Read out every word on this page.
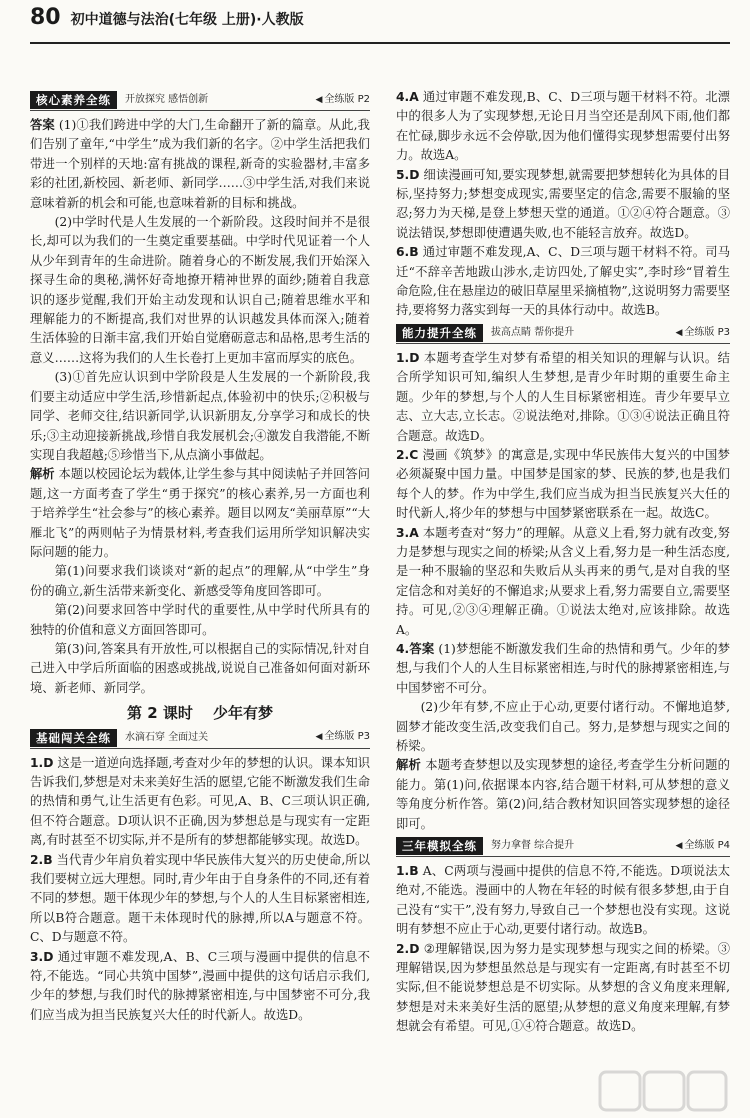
80 初中道德与法治(七年级 上册)·人教版
核心素养全练	开放探究 感悟创新	◀ 全练版 P2

答案 (1)①我们跨进中学的大门,生命翻开了新的篇章。从此,我们告别了童年,“中学生”成为我们新的名字。②中学生活把我们带进一个别样的天地:富有挑战的课程,新奇的实验器材,丰富多彩的社团,新校园、新老师、新同学……③中学生活,对我们来说意味着新的机会和可能,也意味着新的目标和挑战。

(2)中学时代是人生发展的一个新阶段。这段时间并不是很长,却可以为我们的一生奠定重要基础。中学时代见证着一个人从少年到青年的生命进阶。随着身心的不断发展,我们开始深入探寻生命的奥秘,满怀好奇地撩开精神世界的面纱;随着自我意识的逐步觉醒,我们开始主动发现和认识自己;随着思维水平和理解能力的不断提高,我们对世界的认识越发具体而深入;随着生活体验的日渐丰富,我们开始自觉磨砺意志和品格,思考生活的意义……这将为我们的人生长卷打上更加丰富而厚实的底色。

(3)①首先应认识到中学阶段是人生发展的一个新阶段,我们要主动适应中学生活,珍惜新起点,体验初中的快乐;②积极与同学、老师交往,结识新同学,认识新朋友,分享学习和成长的快乐;③主动迎接新挑战,珍惜自我发展机会;④激发自我潜能,不断实现自我超越;⑤珍惜当下,从点滴小事做起。

解析 本题以校园论坛为载体,让学生参与其中阅读帖子并回答问题,这一方面考查了学生“勇于探究”的核心素养,另一方面也利于培养学生“社会参与”的核心素养。题目以网友“美丽草原”“大雁北飞”的两则帖子为情景材料,考查我们运用所学知识解决实际问题的能力。

第(1)问要求我们谈谈对“新的起点”的理解,从“中学生”身份的确立,新生活带来新变化、新感受等角度回答即可。

第(2)问要求回答中学时代的重要性,从中学时代所具有的独特的价值和意义方面回答即可。

第(3)问,答案具有开放性,可以根据自己的实际情况,针对自己进入中学后所面临的困惑或挑战,说说自己准备如何面对新环境、新老师、新同学。

第 2 课时 少年有梦
基础闯关全练	水滴石穿 全面过关	◀ 全练版 P3

1.D 这是一道逆向选择题,考查对少年的梦想的认识。课本知识告诉我们,梦想是对未来美好生活的愿望,它能不断激发我们生命的热情和勇气,让生活更有色彩。可见,A、B、C三项认识正确,但不符合题意。D项认识不正确,因为梦想总是与现实有一定距离,有时甚至不切实际,并不是所有的梦想都能够实现。故选D。

2.B 当代青少年肩负着实现中华民族伟大复兴的历史使命,所以我们要树立远大理想。同时,青少年由于自身条件的不同,还有着不同的梦想。题干体现少年的梦想,与个人的人生目标紧密相连,所以B符合题意。题干未体现时代的脉搏,所以A与题意不符。C、D与题意不符。

3.D 通过审题不难发现,A、B、C三项与漫画中提供的信息不符,不能选。“同心共筑中国梦”,漫画中提供的这句话启示我们,少年的梦想,与我们时代的脉搏紧密相连,与中国梦密不可分,我们应当成为担当民族复兴大任的时代新人。故选D。

4.A 通过审题不难发现,B、C、D三项与题干材料不符。北漂中的很多人为了实现梦想,无论日月当空还是刮风下雨,他们都在忙碌,脚步永远不会停歇,因为他们懂得实现梦想需要付出努力。故选A。

5.D 细读漫画可知,要实现梦想,就需要把梦想转化为具体的目标,坚持努力;梦想变成现实,需要坚定的信念,需要不服输的坚忍;努力为天梯,是登上梦想天堂的通道。①②④符合题意。③说法错误,梦想即使遭遇失败,也不能轻言放弃。故选D。

6.B 通过审题不难发现,A、C、D三项与题干材料不符。司马迁“不辞辛苦地跋山涉水,走访四处,了解史实”,李时珍“冒着生命危险,住在悬崖边的破旧草屋里采摘植物”,这说明努力需要坚持,要将努力落实到每一天的具体行动中。故选B。

能力提升全练	拔高点睛 帮你提升	◀ 全练版 P3

1.D 本题考查学生对梦有希望的相关知识的理解与认识。结合所学知识可知,编织人生梦想,是青少年时期的重要生命主题。少年的梦想,与个人的人生目标紧密相连。青少年要早立志、立大志,立长志。②说法绝对,排除。①③④说法正确且符合题意。故选D。

2.C 漫画《筑梦》的寓意是,实现中华民族伟大复兴的中国梦必须凝聚中国力量。中国梦是国家的梦、民族的梦,也是我们每个人的梦。作为中学生,我们应当成为担当民族复兴大任的时代新人,将少年的梦想与中国梦紧密联系在一起。故选C。

3.A 本题考查对“努力”的理解。从意义上看,努力就有改变,努力是梦想与现实之间的桥梁;从含义上看,努力是一种生活态度,是一种不服输的坚忍和失败后从头再来的勇气,是对自我的坚定信念和对美好的不懈追求;从要求上看,努力需要自立,需要坚持。可见,②③④理解正确。①说法太绝对,应该排除。故选A。

4.答案 (1)梦想能不断激发我们生命的热情和勇气。少年的梦想,与我们个人的人生目标紧密相连,与时代的脉搏紧密相连,与中国梦密不可分。

(2)少年有梦,不应止于心动,更要付诸行动。不懈地追梦,圆梦才能改变生活,改变我们自己。努力,是梦想与现实之间的桥梁。

解析 本题考查梦想以及实现梦想的途径,考查学生分析问题的能力。第(1)问,依据课本内容,结合题干材料,可从梦想的意义等角度分析作答。第(2)问,结合教材知识回答实现梦想的途径即可。

三年模拟全练	努力拿督 综合提升	◀ 全练版 P4

1.B A、C两项与漫画中提供的信息不符,不能选。D项说法太绝对,不能选。漫画中的人物在年轻的时候有很多梦想,由于自己没有“实干”,没有努力,导致自己一个梦想也没有实现。这说明有梦想不应止于心动,更要付诸行动。故选B。

2.D ②理解错误,因为努力是实现梦想与现实之间的桥梁。③理解错误,因为梦想虽然总是与现实有一定距离,有时甚至不切实际,但不能说梦想总是不切实际。从梦想的含义角度来理解,梦想是对未来美好生活的愿望;从梦想的意义角度来理解,有梦想就会有希望。可见,①④符合题意。故选D。
